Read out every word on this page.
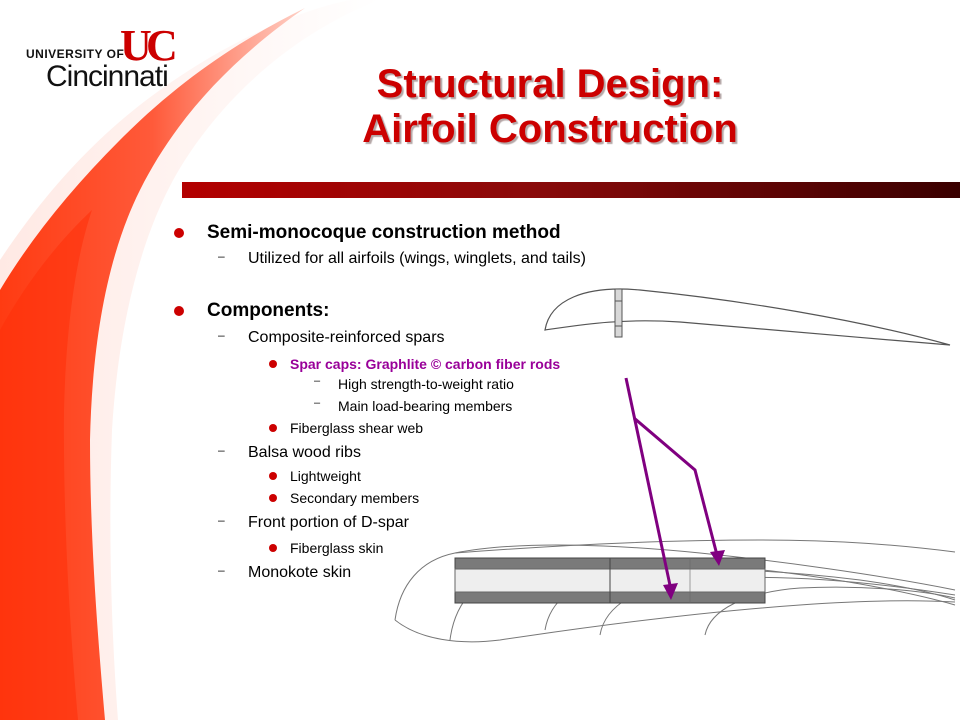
U
C
UNIVERSITY OF
Cincinnati	Structural Design:
Airfoil Construction
Semi-monocoque construction method
– Utilized for all airfoils (wings, winglets, and tails)
Components:
– Composite-reinforced spars
Spar caps: Graphlite © carbon fiber rods
– High strength-to-weight ratio
– Main load-bearing members
Fiberglass shear web
– Balsa wood ribs
Lightweight
Secondary members
– Front portion of D-spar
Fiberglass skin
– Monokote skin
